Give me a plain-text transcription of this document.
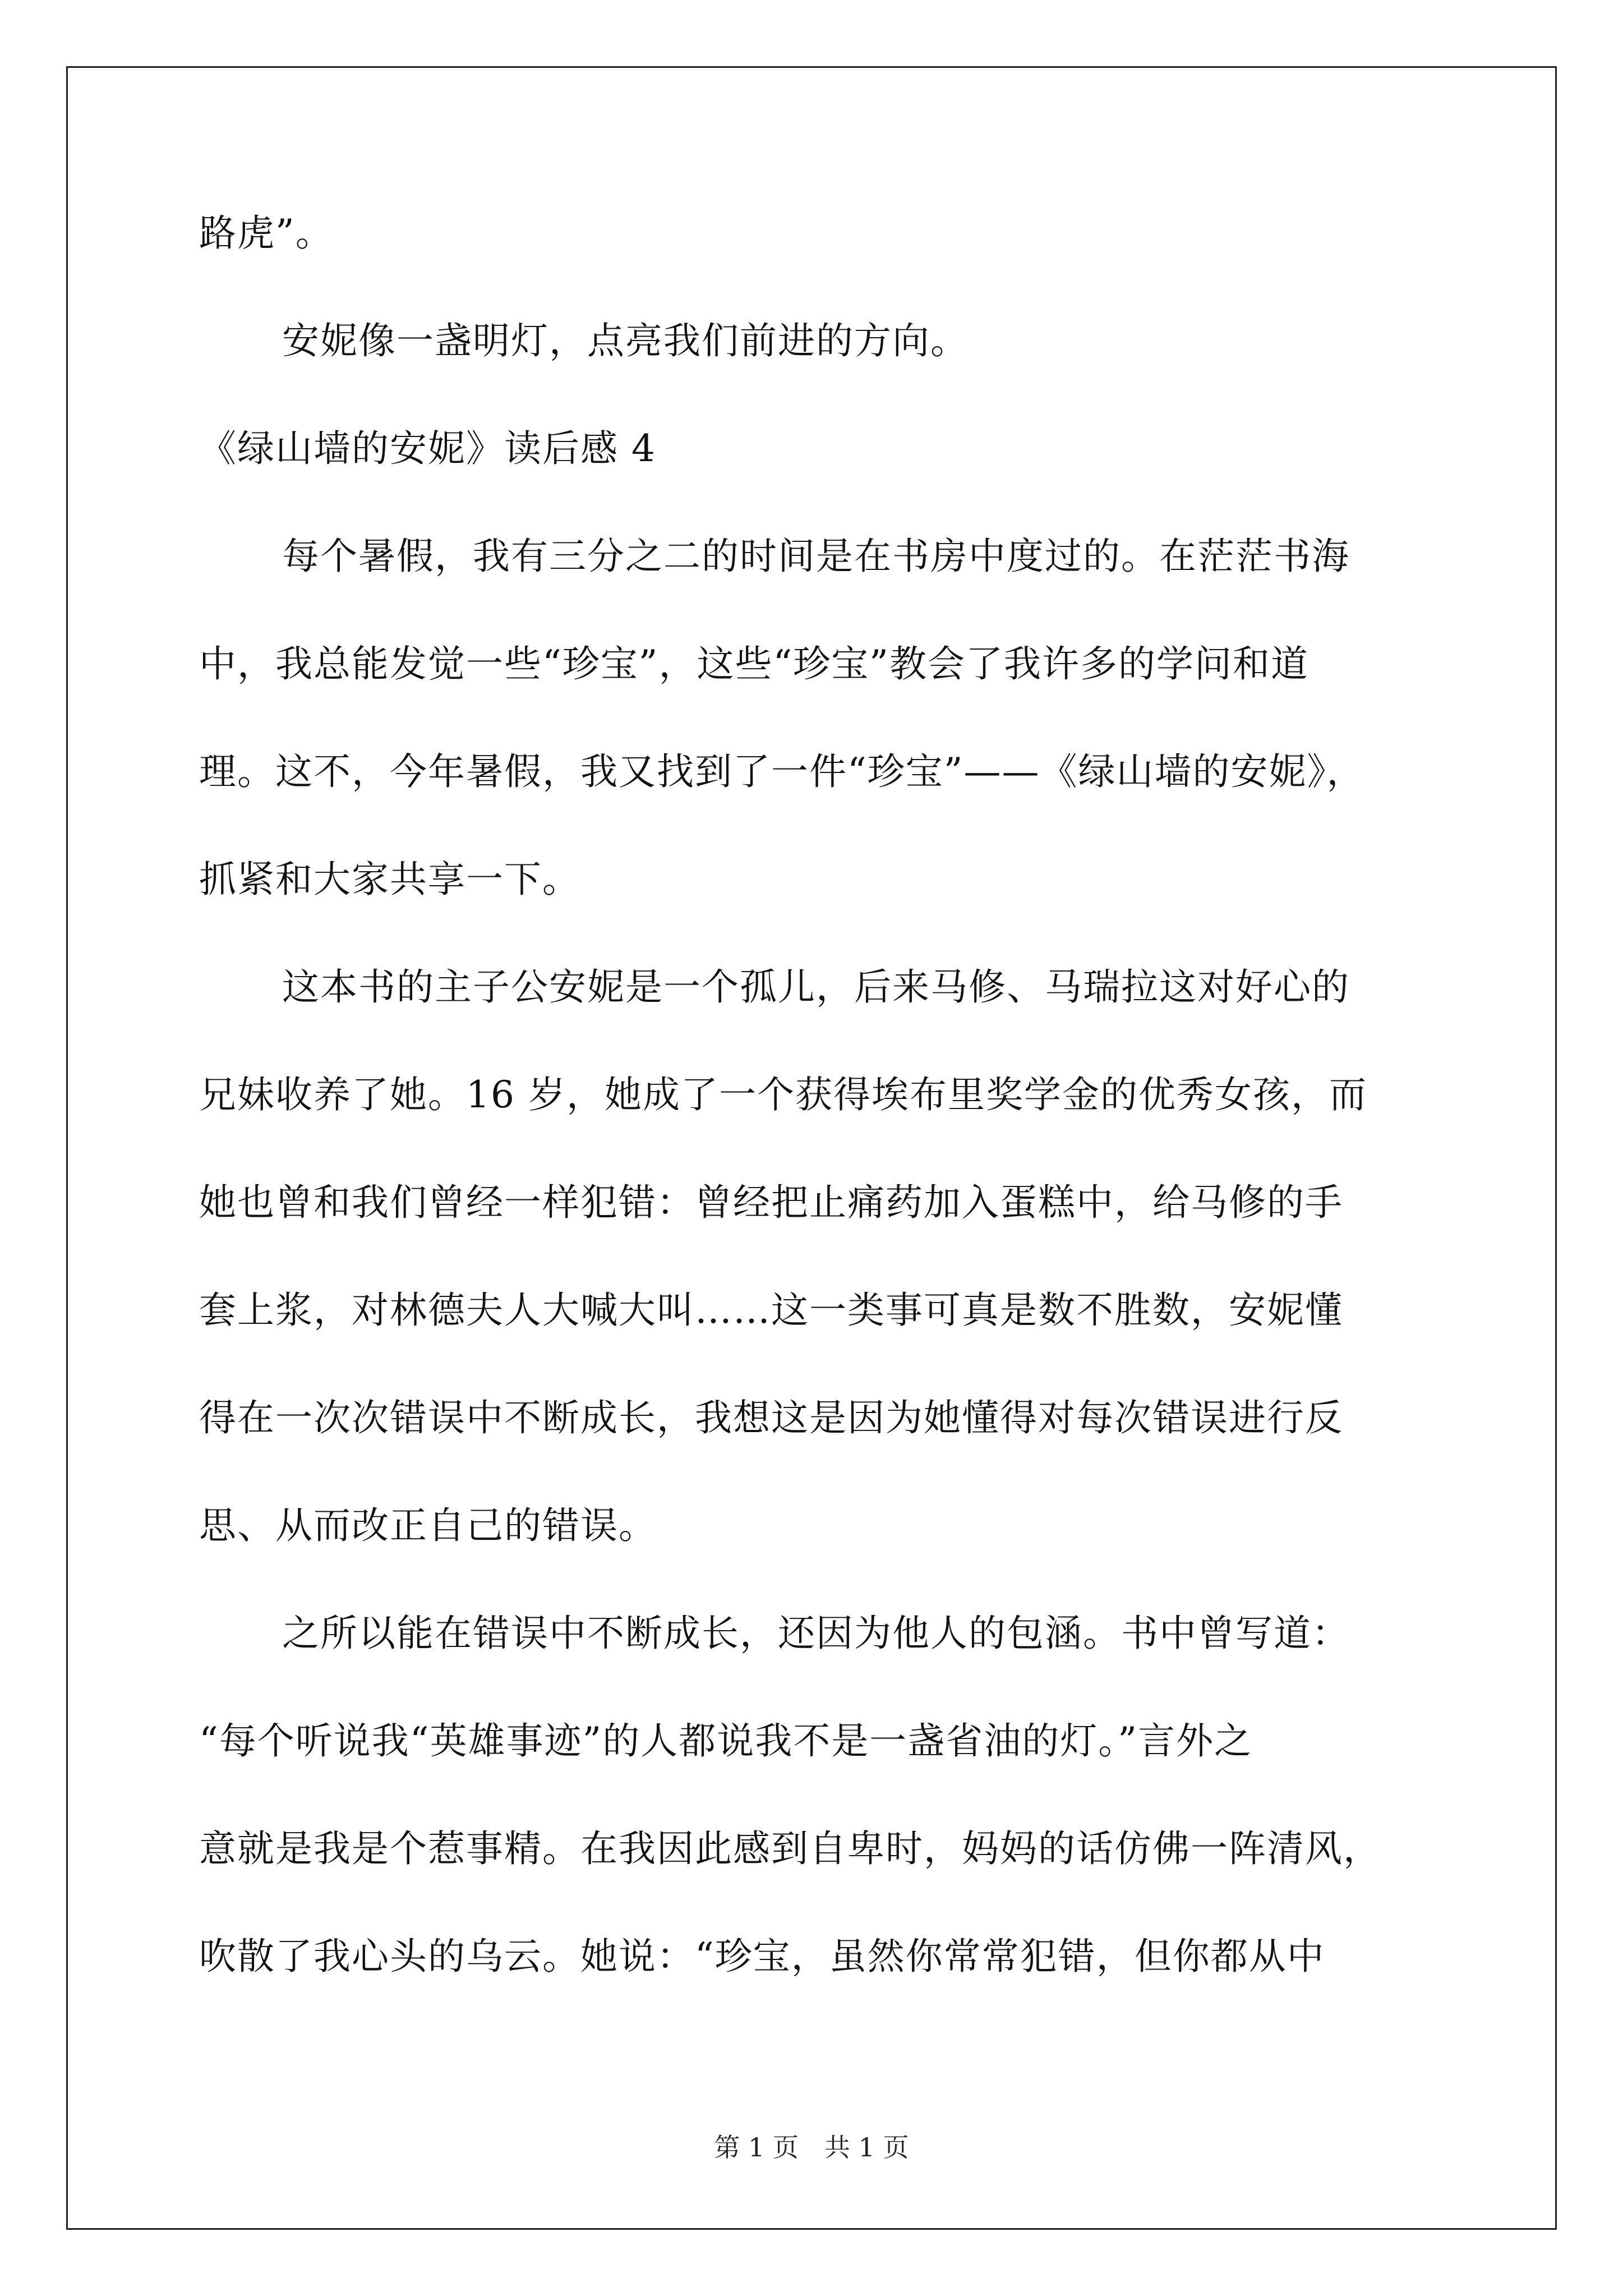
路虎”。
安妮像一盏明灯，点亮我们前进的方向。
《绿山墙的安妮》读后感 4
每个暑假，我有三分之二的时间是在书房中度过的。在茫茫书海
中，我总能发觉一些“珍宝”，这些“珍宝”教会了我许多的学问和道
理。这不，今年暑假，我又找到了一件“珍宝”——《绿山墙的安妮》，
抓紧和大家共享一下。
这本书的主子公安妮是一个孤儿，后来马修、马瑞拉这对好心的
兄妹收养了她。16 岁，她成了一个获得埃布里奖学金的优秀女孩，而
她也曾和我们曾经一样犯错：曾经把止痛药加入蛋糕中，给马修的手
套上浆，对林德夫人大喊大叫……这一类事可真是数不胜数，安妮懂
得在一次次错误中不断成长，我想这是因为她懂得对每次错误进行反
思、从而改正自己的错误。
之所以能在错误中不断成长，还因为他人的包涵。书中曾写道：
“每个听说我“英雄事迹”的人都说我不是一盏省油的灯。”言外之
意就是我是个惹事精。在我因此感到自卑时，妈妈的话仿佛一阵清风，
吹散了我心头的乌云。她说：“珍宝，虽然你常常犯错，但你都从中
第 1 页　共 1 页
